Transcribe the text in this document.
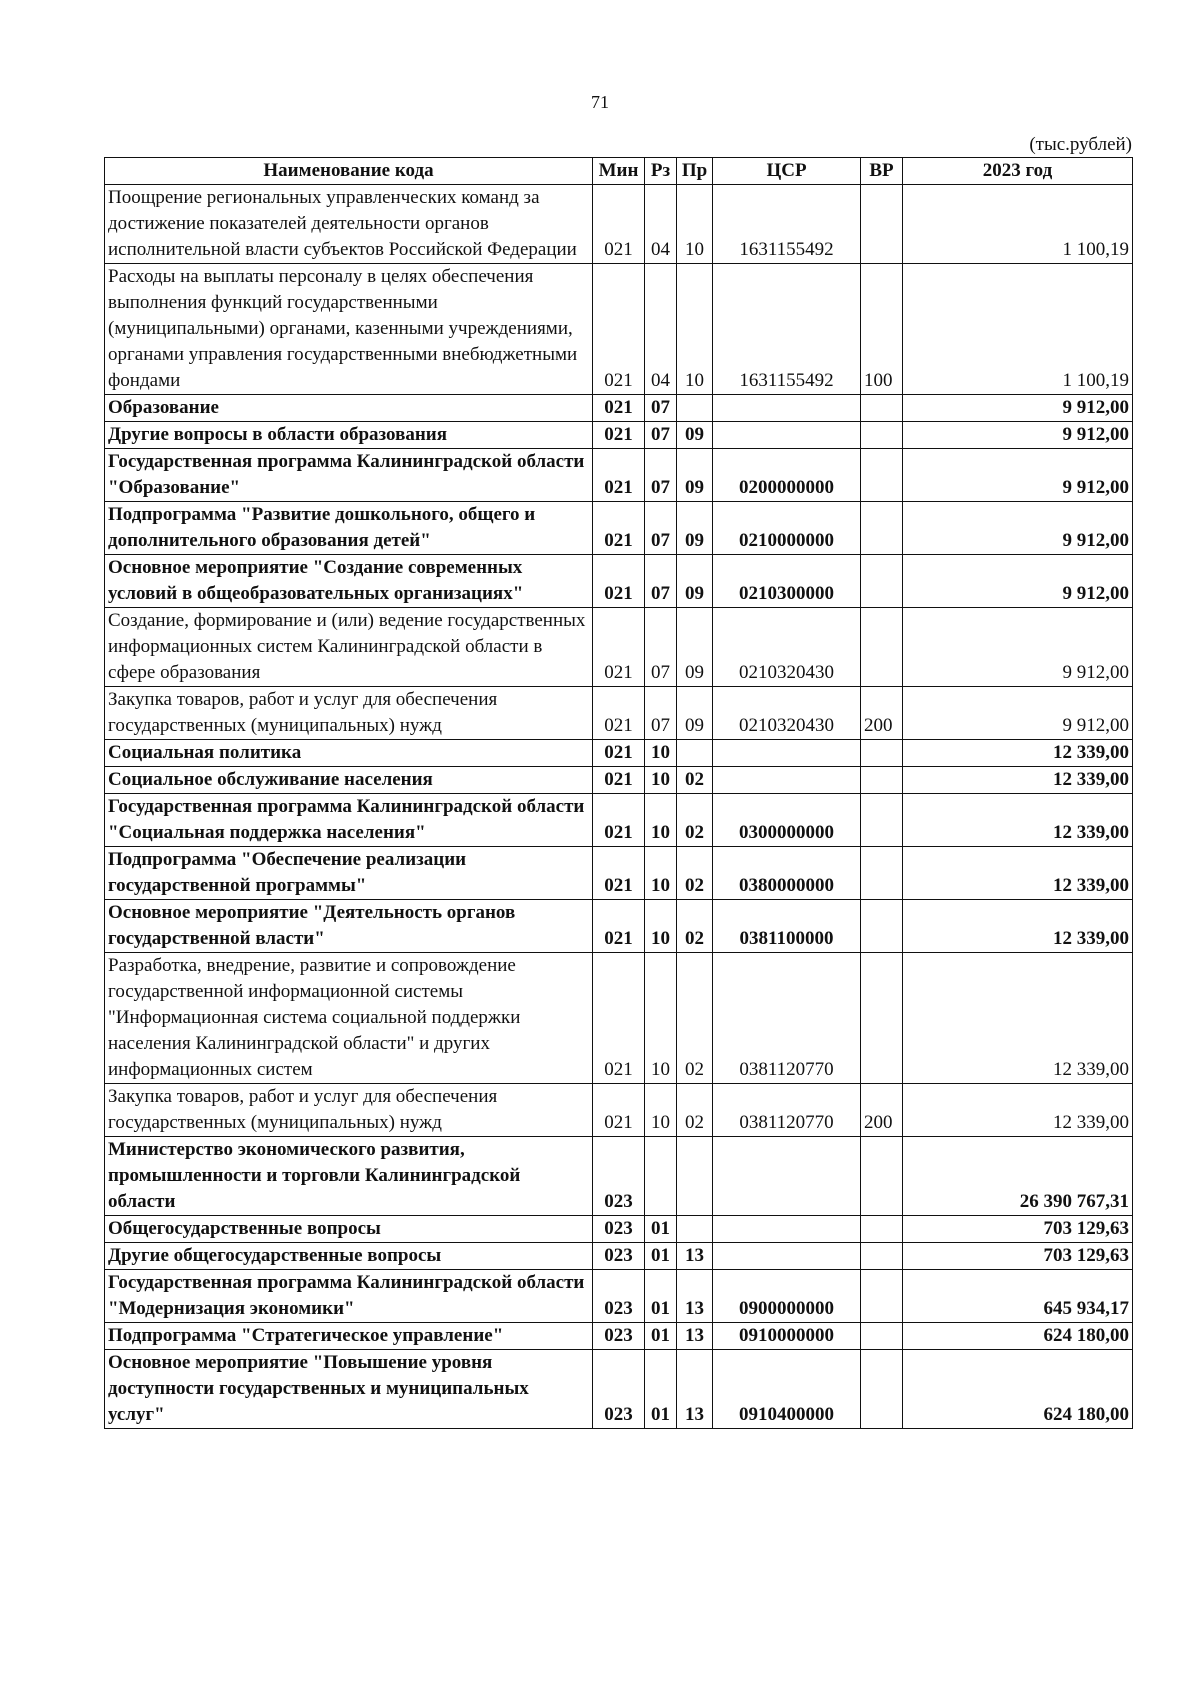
71
(тыс.рублей)
Наименование кода	Мин	Рз	Пр	ЦСР	ВР	2023 год
Поощрение региональных управленческих команд за достижение показателей деятельности органов исполнительной власти субъектов Российской Федерации	021	04	10	1631155492		1 100,19
Расходы на выплаты персоналу в целях обеспечения выполнения функций государственными (муниципальными) органами, казенными учреждениями, органами управления государственными внебюджетными фондами	021	04	10	1631155492	100	1 100,19
Образование	021	07				9 912,00
Другие вопросы в области образования	021	07	09			9 912,00
Государственная программа Калининградской области "Образование"	021	07	09	0200000000		9 912,00
Подпрограмма "Развитие дошкольного, общего и дополнительного образования детей"	021	07	09	0210000000		9 912,00
Основное мероприятие "Создание современных условий в общеобразовательных организациях"	021	07	09	0210300000		9 912,00
Создание, формирование и (или) ведение государственных информационных систем Калининградской области в сфере образования	021	07	09	0210320430		9 912,00
Закупка товаров, работ и услуг для обеспечения государственных (муниципальных) нужд	021	07	09	0210320430	200	9 912,00
Социальная политика	021	10				12 339,00
Социальное обслуживание населения	021	10	02			12 339,00
Государственная программа Калининградской области "Социальная поддержка населения"	021	10	02	0300000000		12 339,00
Подпрограмма "Обеспечение реализации государственной программы"	021	10	02	0380000000		12 339,00
Основное мероприятие "Деятельность органов государственной власти"	021	10	02	0381100000		12 339,00
Разработка, внедрение, развитие и сопровождение государственной информационной системы "Информационная система социальной поддержки населения Калининградской области" и других информационных систем	021	10	02	0381120770		12 339,00
Закупка товаров, работ и услуг для обеспечения государственных (муниципальных) нужд	021	10	02	0381120770	200	12 339,00
Министерство экономического развития, промышленности и торговли Калининградской области	023					26 390 767,31
Общегосударственные вопросы	023	01				703 129,63
Другие общегосударственные вопросы	023	01	13			703 129,63
Государственная программа Калининградской области "Модернизация экономики"	023	01	13	0900000000		645 934,17
Подпрограмма "Стратегическое управление"	023	01	13	0910000000		624 180,00
Основное мероприятие "Повышение уровня доступности государственных и муниципальных услуг"	023	01	13	0910400000		624 180,00
